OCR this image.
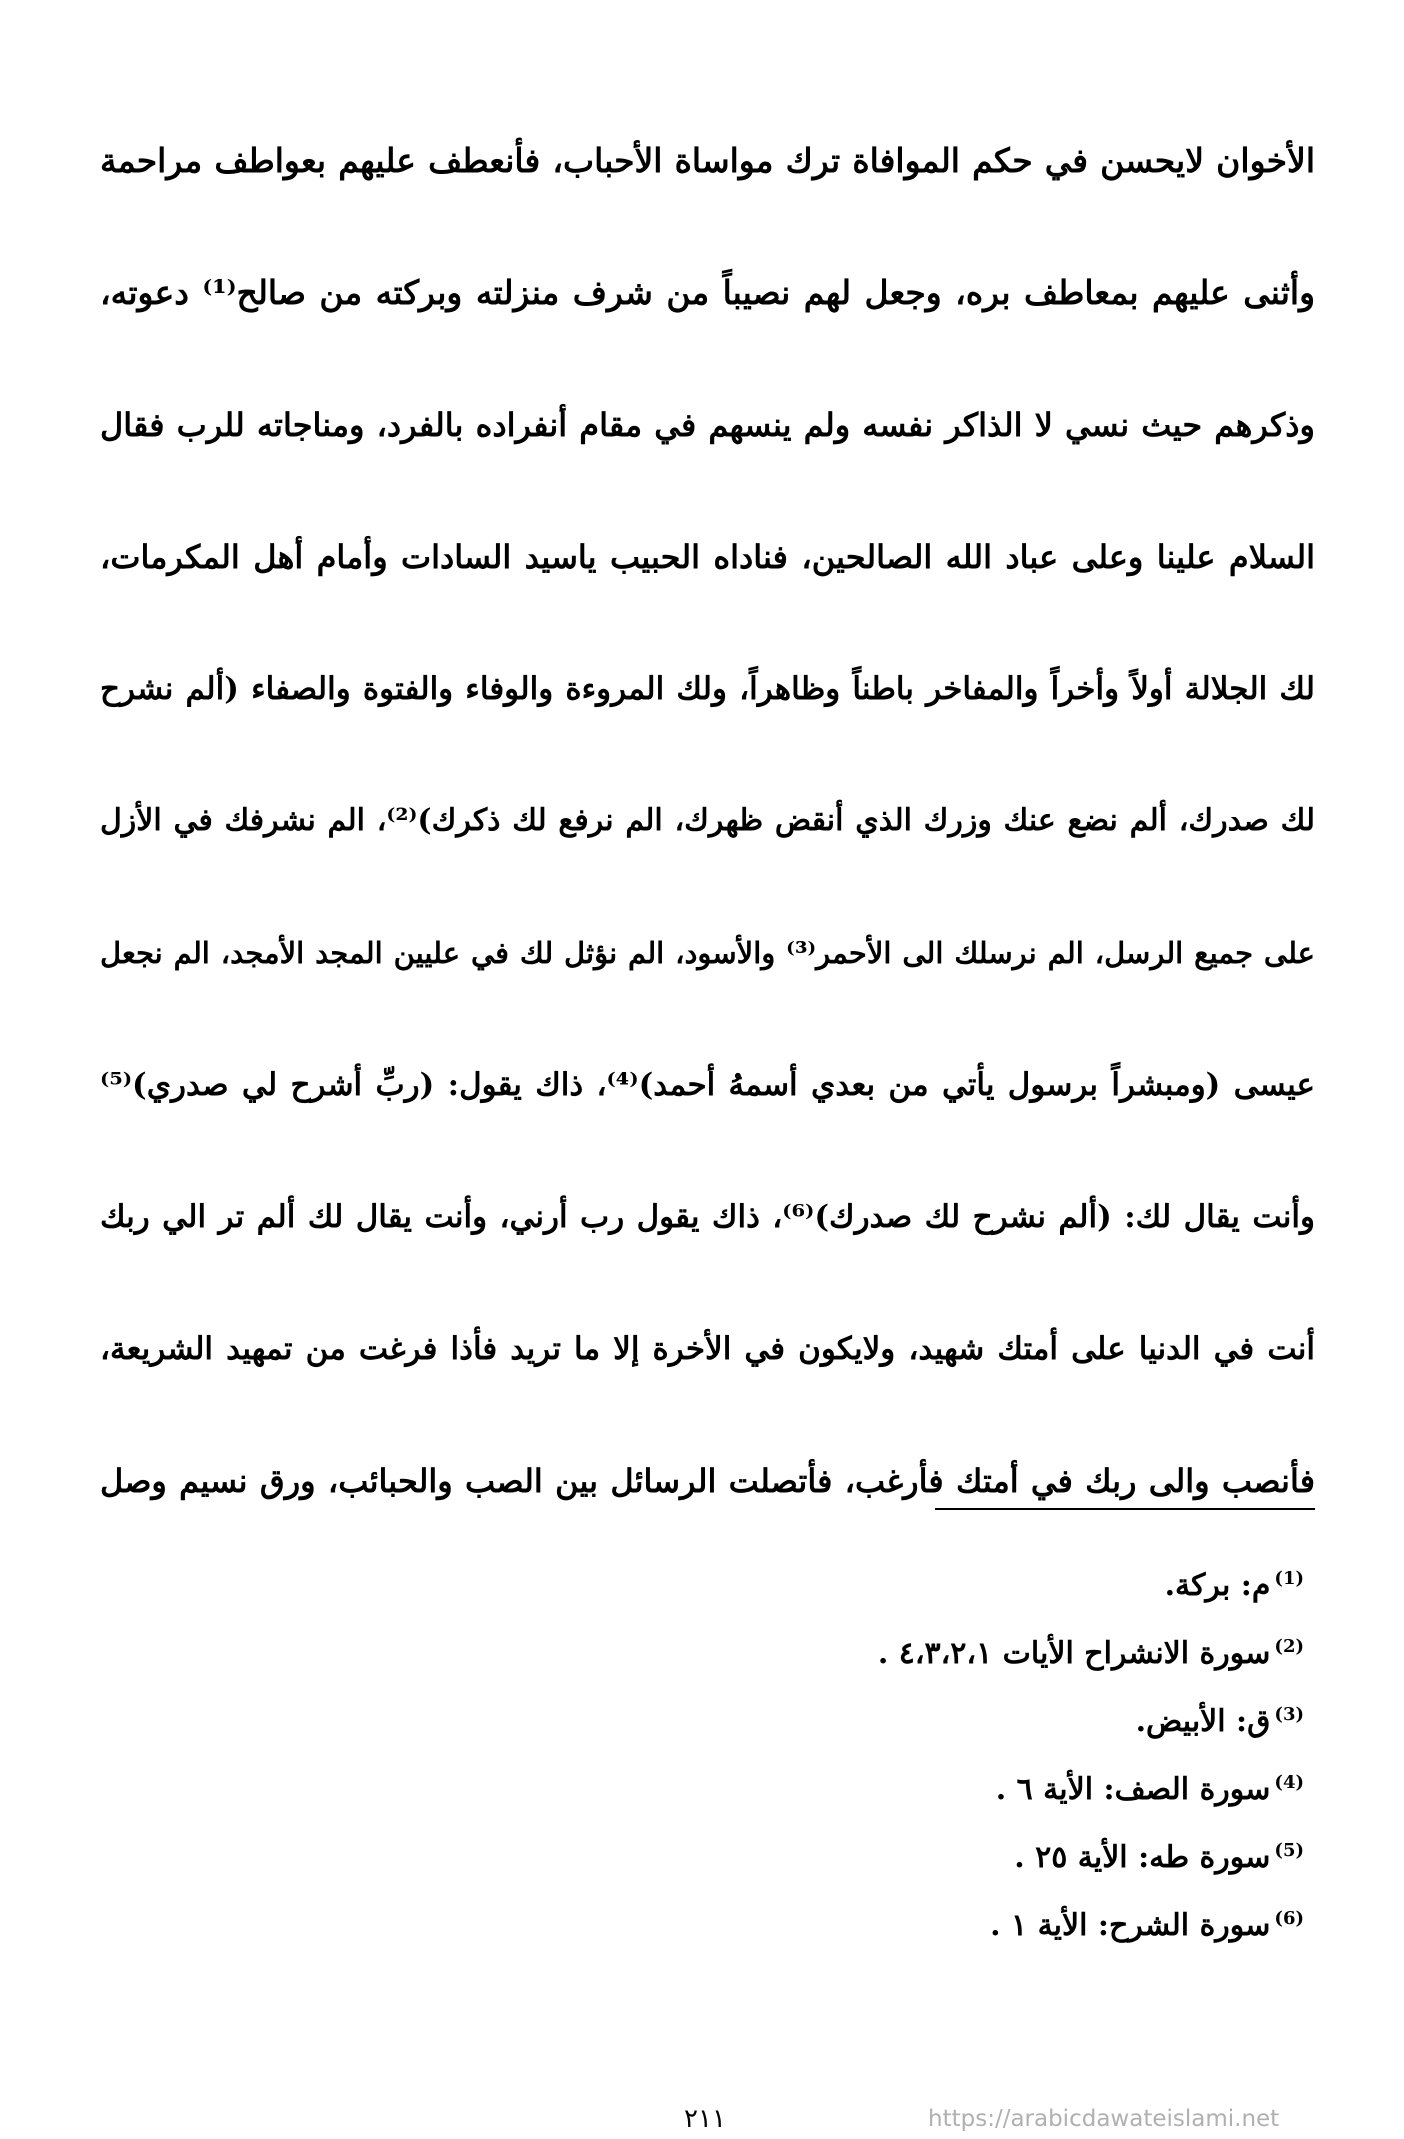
الأخوان لايحسن في حكم الموافاة ترك مواساة الأحباب، فأنعطف عليهم بعواطف مراحمة
وأثنى عليهم بمعاطف بره، وجعل لهم نصيباً من شرف منزلته وبركته من صالح⁽¹⁾ دعوته،
وذكرهم حيث نسي لا الذاكر نفسه ولم ينسهم في مقام أنفراده بالفرد، ومناجاته للرب فقال
السلام علينا وعلى عباد الله الصالحين، فناداه الحبيب ياسيد السادات وأمام أهل المكرمات،
لك الجلالة أولاً وأخراً والمفاخر باطناً وظاهراً، ولك المروءة والوفاء والفتوة والصفاء (ألم نشرح
لك صدرك، ألم نضع عنك وزرك الذي أنقض ظهرك، الم نرفع لك ذكرك)⁽²⁾، الم نشرفك في الأزل
على جميع الرسل، الم نرسلك الى الأحمر⁽³⁾ والأسود، الم نؤثل لك في عليين المجد الأمجد، الم نجعل
عيسى (ومبشراً برسول يأتي من بعدي أسمهُ أحمد)⁽⁴⁾، ذاك يقول: (ربِّ أشرح لي صدري)⁽⁵⁾
وأنت يقال لك: (ألم نشرح لك صدرك)⁽⁶⁾، ذاك يقول رب أرني، وأنت يقال لك ألم تر الي ربك
أنت في الدنيا على أمتك شهيد، ولايكون في الأخرة إلا ما تريد فأذا فرغت من تمهيد الشريعة،
فأنصب والى ربك في أمتك فأرغب، فأتصلت الرسائل بين الصب والحبائب، ورق نسيم وصل
$^{(1)}$م: بركة.
$^{(2)}$سورة الانشراح الأيات ٤،٣،٢،١ .
$^{(3)}$ق: الأبيض.
$^{(4)}$سورة الصف: الأية ٦ .
$^{(5)}$سورة طه: الأية ٢٥ .
$^{(6)}$سورة الشرح: الأية ١ .
٢١١	https://arabicdawateislami.net
